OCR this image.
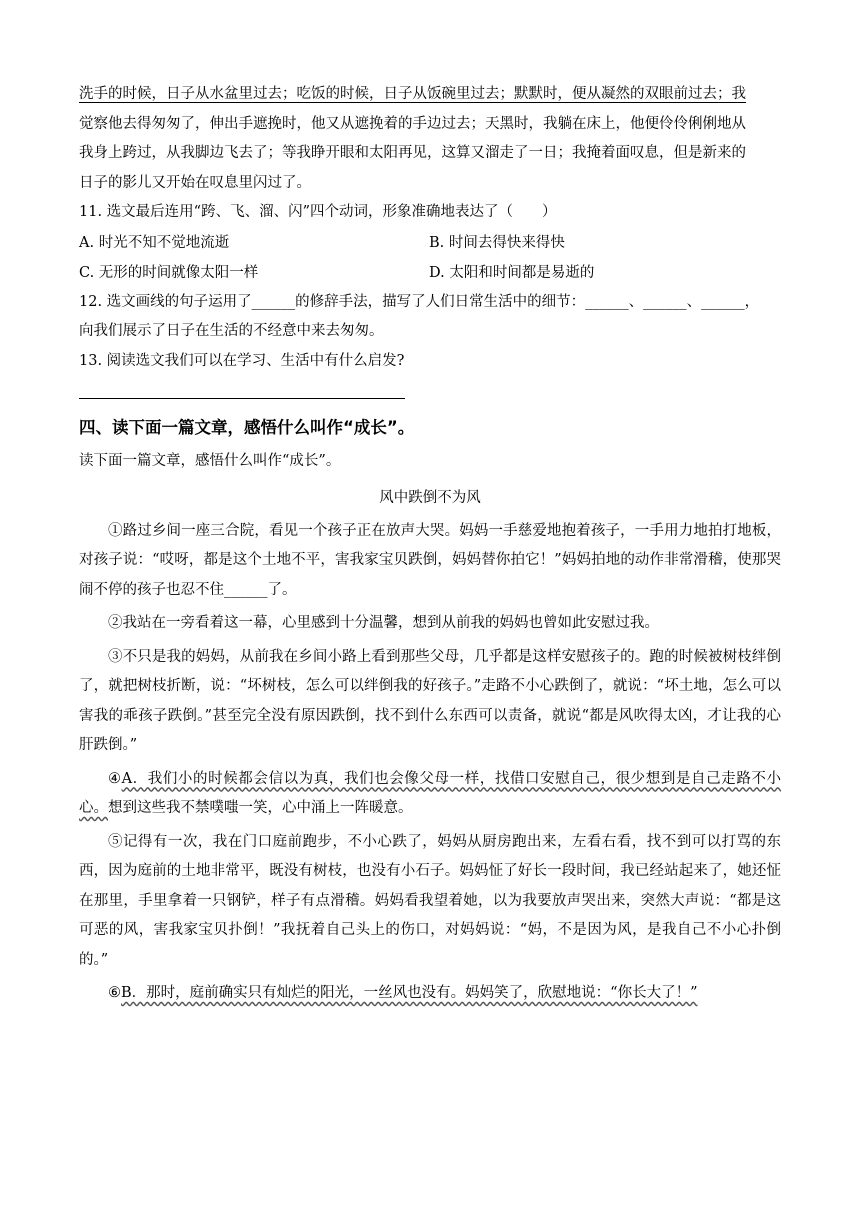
洗手的时候，日子从水盆里过去；吃饭的时候，日子从饭碗里过去；默默时，便从凝然的双眼前过去；我

觉察他去得匆匆了，伸出手遮挽时，他又从遮挽着的手边过去；天黑时，我躺在床上，他便伶伶俐俐地从

我身上跨过，从我脚边飞去了；等我睁开眼和太阳再见，这算又溜走了一日；我掩着面叹息，但是新来的

日子的影儿又开始在叹息里闪过了。

11. 选文最后连用“跨、飞、溜、闪”四个动词，形象准确地表达了（　　）

A. 时光不知不觉地流逝	B. 时间去得快来得快
C. 无形的时间就像太阳一样	D. 太阳和时间都是易逝的

12. 选文画线的句子运用了______的修辞手法，描写了人们日常生活中的细节：______、______、______，

向我们展示了日子在生活的不经意中来去匆匆。

13. 阅读选文我们可以在学习、生活中有什么启发?

四、读下面一篇文章，感悟什么叫作“成长”。

读下面一篇文章，感悟什么叫作“成长”。

风中跌倒不为风

①路过乡间一座三合院，看见一个孩子正在放声大哭。妈妈一手慈爱地抱着孩子，一手用力地拍打地板，对孩子说：“哎呀，都是这个土地不平，害我家宝贝跌倒，妈妈替你拍它！”妈妈拍地的动作非常滑稽，使那哭闹不停的孩子也忍不住______了。

②我站在一旁看着这一幕，心里感到十分温馨，想到从前我的妈妈也曾如此安慰过我。

③不只是我的妈妈，从前我在乡间小路上看到那些父母，几乎都是这样安慰孩子的。跑的时候被树枝绊倒了，就把树枝折断，说：“坏树枝，怎么可以绊倒我的好孩子。”走路不小心跌倒了，就说：“坏土地，怎么可以害我的乖孩子跌倒。”甚至完全没有原因跌倒，找不到什么东西可以责备，就说“都是风吹得太凶，才让我的心肝跌倒。”

④A．我们小的时候都会信以为真，我们也会像父母一样，找借口安慰自己，很少想到是自己走路不小心。想到这些我不禁噗嗤一笑，心中涌上一阵暖意。

⑤记得有一次，我在门口庭前跑步，不小心跌了，妈妈从厨房跑出来，左看右看，找不到可以打骂的东西，因为庭前的土地非常平，既没有树枝，也没有小石子。妈妈怔了好长一段时间，我已经站起来了，她还怔在那里，手里拿着一只钢铲，样子有点滑稽。妈妈看我望着她，以为我要放声哭出来，突然大声说：“都是这可恶的风，害我家宝贝扑倒！”我抚着自己头上的伤口，对妈妈说：“妈，不是因为风，是我自己不小心扑倒的。”

⑥B．那时，庭前确实只有灿烂的阳光，一丝风也没有。妈妈笑了，欣慰地说：“你长大了！”
